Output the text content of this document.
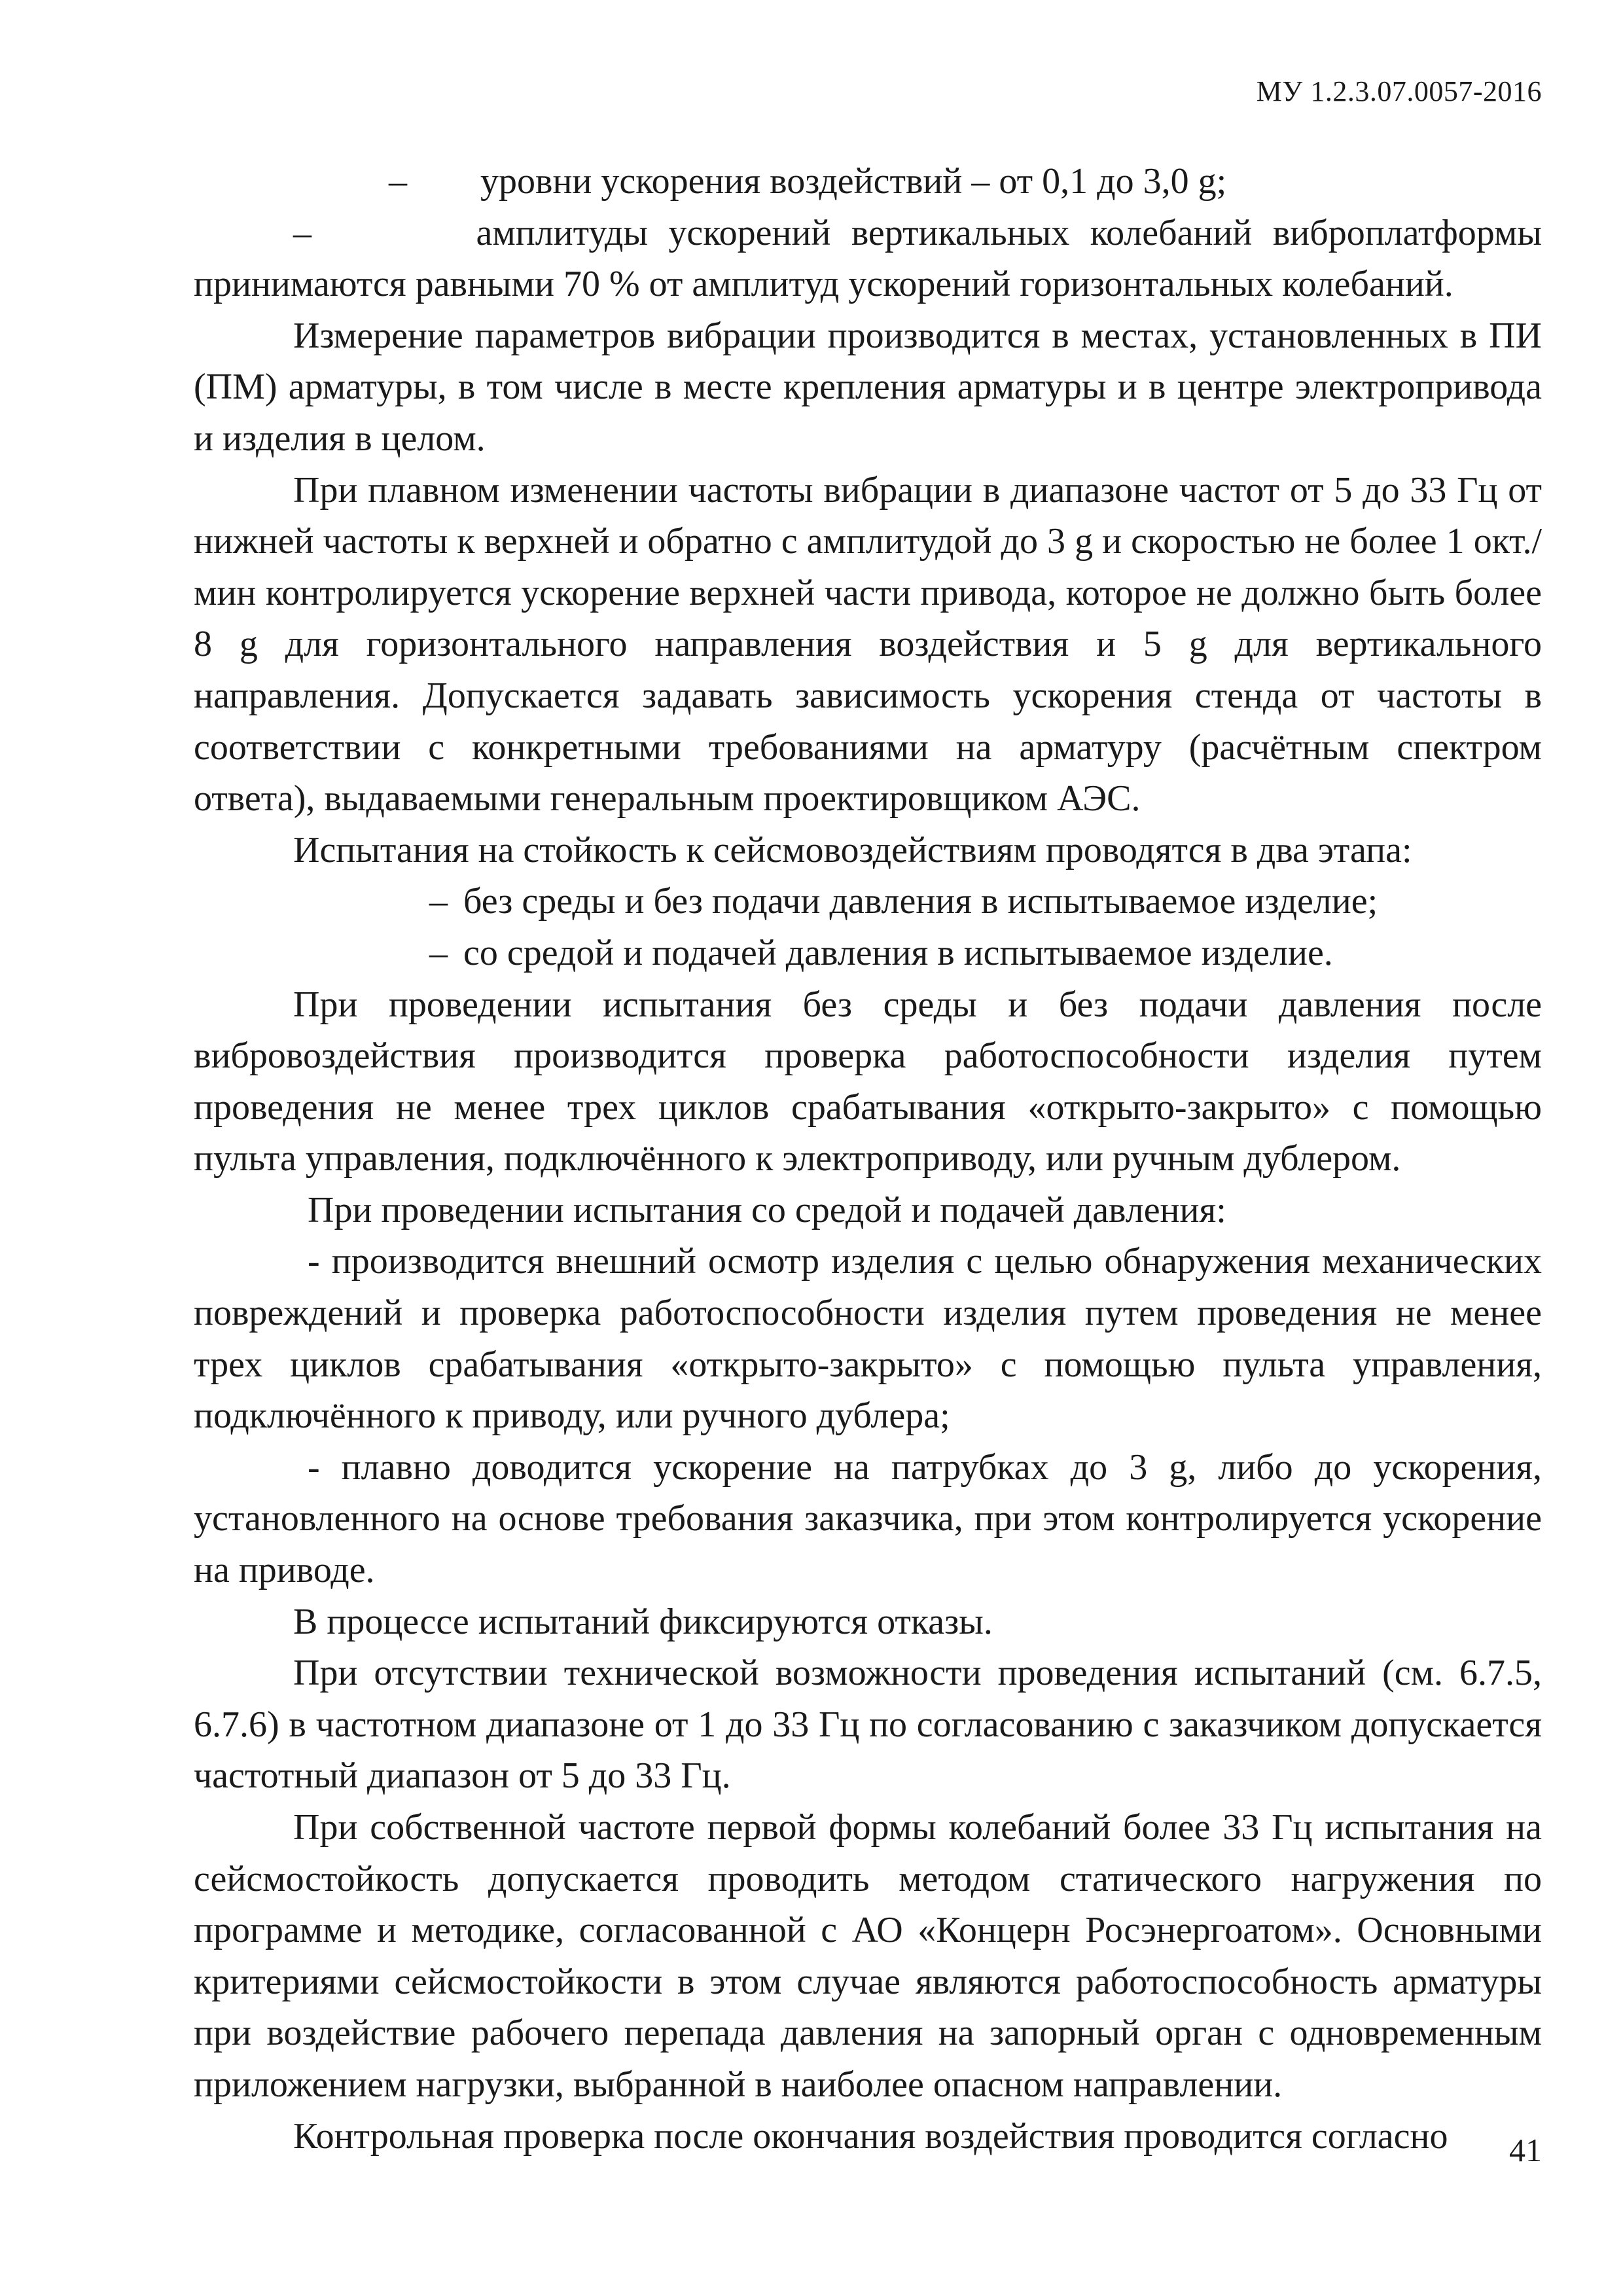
МУ 1.2.3.07.0057-2016

– уровни ускорения воздействий – от 0,1 до 3,0 g;

–	амплитуды ускорений вертикальных колебаний виброплатформы принимаются равными 70 % от амплитуд ускорений горизонтальных колебаний.

Измерение параметров вибрации производится в местах, установленных в ПИ (ПМ) арматуры, в том числе в месте крепления арматуры и в центре электропривода и изделия в целом.

При плавном изменении частоты вибрации в диапазоне частот от 5 до 33 Гц от нижней частоты к верхней и обратно с амплитудой до 3 g и скоростью не более 1 окт./мин контролируется ускорение верхней части привода, которое не должно быть более 8 g для горизонтального направления воздействия и 5 g для вертикального направления. Допускается задавать зависимость ускорения стенда от частоты в соответствии с конкретными требованиями на арматуру (расчётным спектром ответа), выдаваемыми генеральным проектировщиком АЭС.

Испытания на стойкость к сейсмовоздействиям проводятся в два этапа:

– без среды и без подачи давления в испытываемое изделие;

– со средой и подачей давления в испытываемое изделие.

При проведении испытания без среды и без подачи давления после вибровоздействия производится проверка работоспособности изделия путем проведения не менее трех циклов срабатывания «открыто-закрыто» с помощью пульта управления, подключённого к электроприводу, или ручным дублером.

При проведении испытания со средой и подачей давления:

- производится внешний осмотр изделия с целью обнаружения механических повреждений и проверка работоспособности изделия путем проведения не менее трех циклов срабатывания «открыто-закрыто» с помощью пульта управления, подключённого к приводу, или ручного дублера;

- плавно доводится ускорение на патрубках до 3 g, либо до ускорения, установленного на основе требования заказчика, при этом контролируется ускорение на приводе.

В процессе испытаний фиксируются отказы.

При отсутствии технической возможности проведения испытаний (см. 6.7.5, 6.7.6) в частотном диапазоне от 1 до 33 Гц по согласованию с заказчиком допускается частотный диапазон от 5 до 33 Гц.

При собственной частоте первой формы колебаний более 33 Гц испытания на сейсмостойкость допускается проводить методом статического нагружения по программе и методике, согласованной с АО «Концерн Росэнергоатом». Основными критериями сейсмостойкости в этом случае являются работоспособность арматуры при воздействие рабочего перепада давления на запорный орган с одновременным приложением нагрузки, выбранной в наиболее опасном направлении.

Контрольная проверка после окончания воздействия проводится согласно	41
